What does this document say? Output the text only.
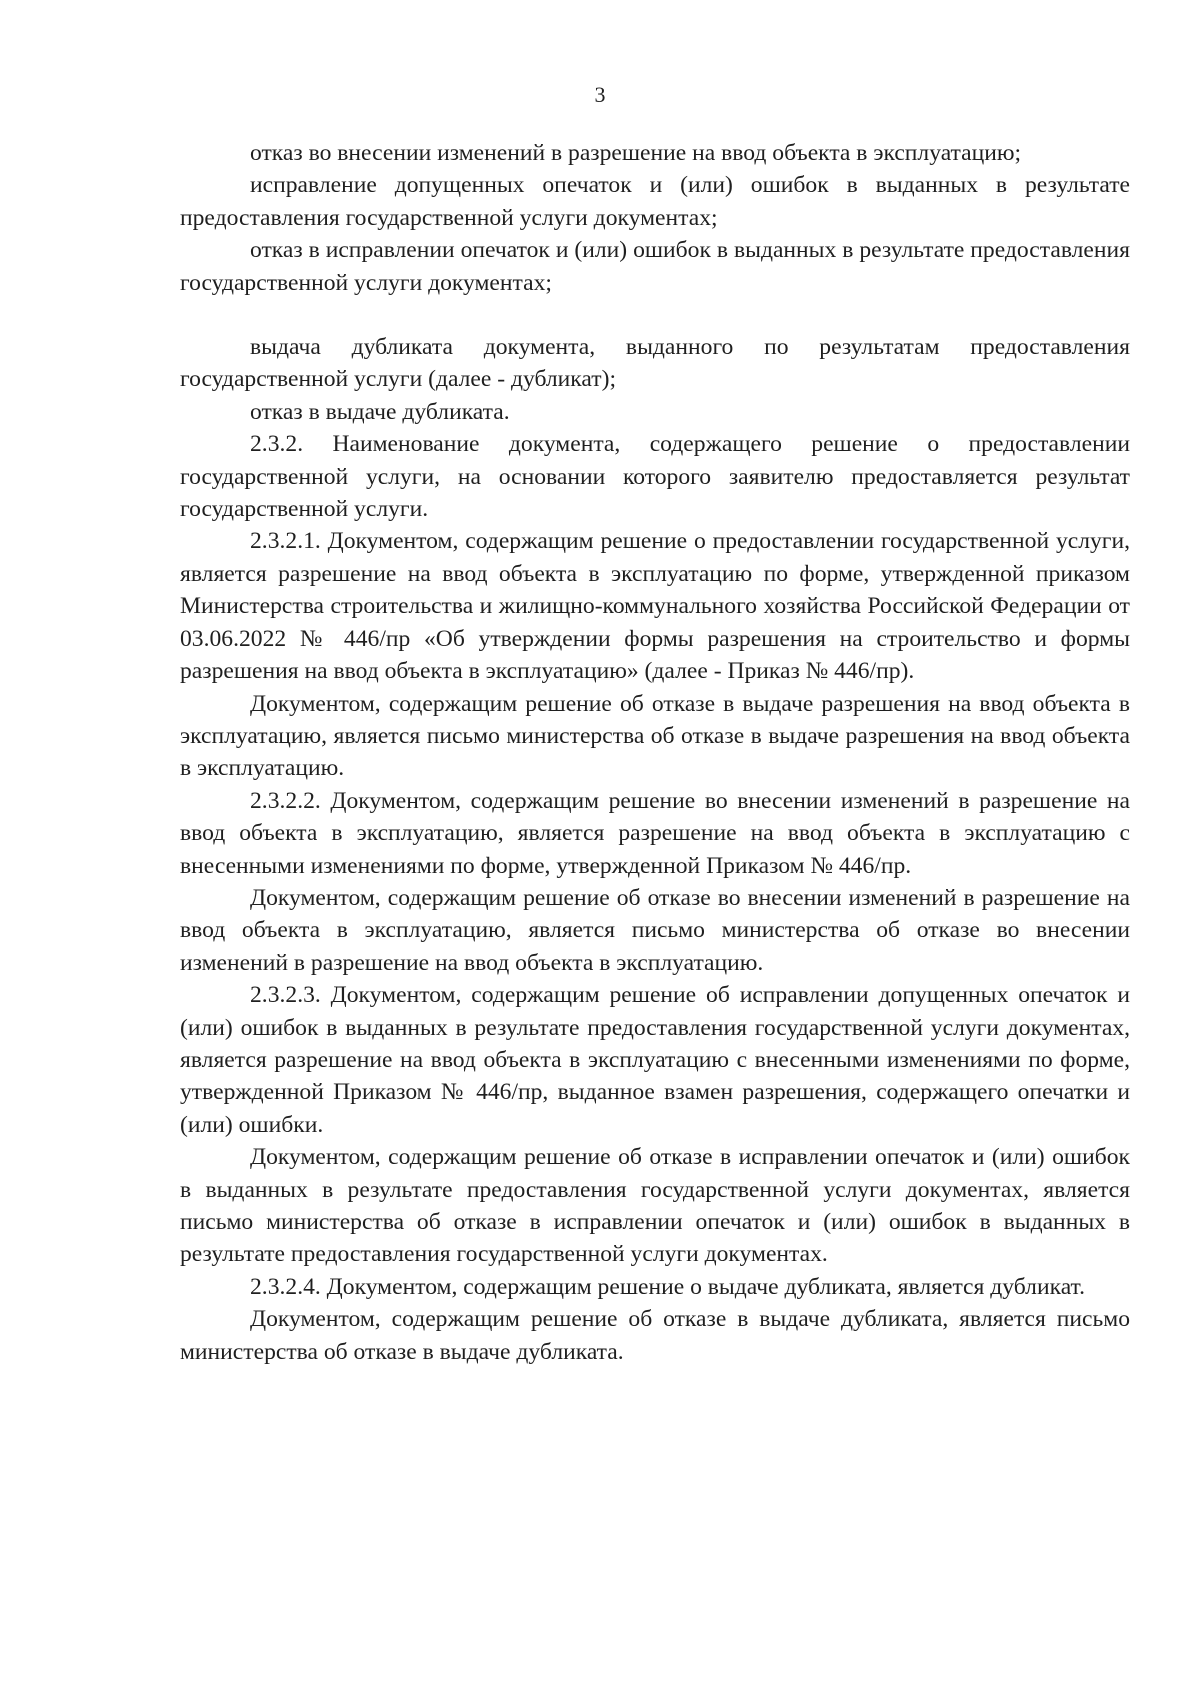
3

отказ во внесении изменений в разрешение на ввод объекта в эксплуатацию;

исправление допущенных опечаток и (или) ошибок в выданных в результате предоставления государственной услуги документах;

отказ в исправлении опечаток и (или) ошибок в выданных в результате предоставления государственной услуги документах;

выдача дубликата документа, выданного по результатам предоставления государственной услуги (далее - дубликат);

отказ в выдаче дубликата.

2.3.2. Наименование документа, содержащего решение о предоставлении государственной услуги, на основании которого заявителю предоставляется результат государственной услуги.

2.3.2.1. Документом, содержащим решение о предоставлении государственной услуги, является разрешение на ввод объекта в эксплуатацию по форме, утвержденной приказом Министерства строительства и жилищно-коммунального хозяйства Российской Федерации от 03.06.2022 № 446/пр «Об утверждении формы разрешения на строительство и формы разрешения на ввод объекта в эксплуатацию» (далее - Приказ № 446/пр).

Документом, содержащим решение об отказе в выдаче разрешения на ввод объекта в эксплуатацию, является письмо министерства об отказе в выдаче разрешения на ввод объекта в эксплуатацию.

2.3.2.2. Документом, содержащим решение во внесении изменений в разрешение на ввод объекта в эксплуатацию, является разрешение на ввод объекта в эксплуатацию с внесенными изменениями по форме, утвержденной Приказом № 446/пр.

Документом, содержащим решение об отказе во внесении изменений в разрешение на ввод объекта в эксплуатацию, является письмо министерства об отказе во внесении изменений в разрешение на ввод объекта в эксплуатацию.

2.3.2.3. Документом, содержащим решение об исправлении допущенных опечаток и (или) ошибок в выданных в результате предоставления государственной услуги документах, является разрешение на ввод объекта в эксплуатацию с внесенными изменениями по форме, утвержденной Приказом № 446/пр, выданное взамен разрешения, содержащего опечатки и (или) ошибки.

Документом, содержащим решение об отказе в исправлении опечаток и (или) ошибок в выданных в результате предоставления государственной услуги документах, является письмо министерства об отказе в исправлении опечаток и (или) ошибок в выданных в результате предоставления государственной услуги документах.

2.3.2.4. Документом, содержащим решение о выдаче дубликата, является дубликат.

Документом, содержащим решение об отказе в выдаче дубликата, является письмо министерства об отказе в выдаче дубликата.
